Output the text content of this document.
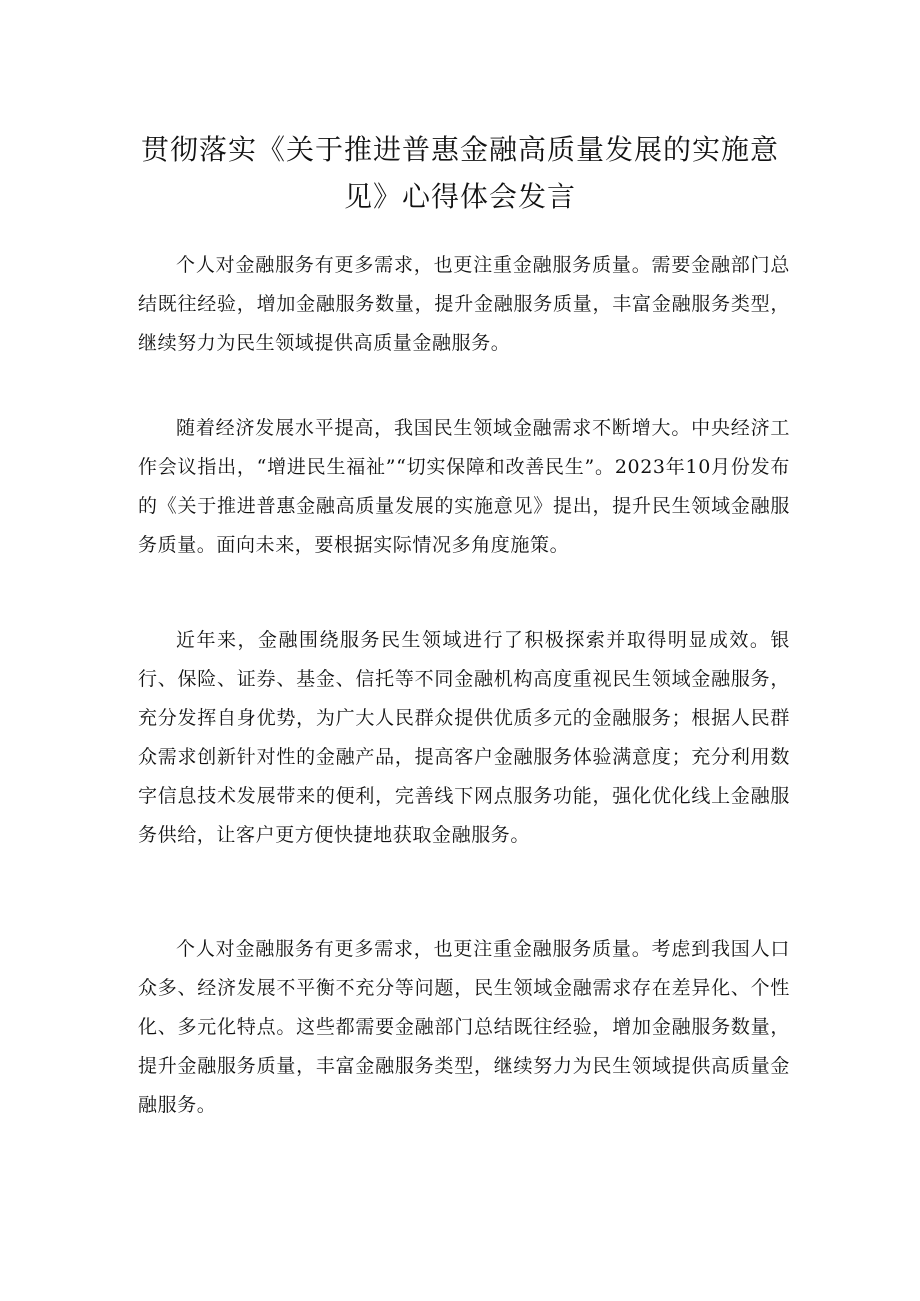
贯彻落实《关于推进普惠金融高质量发展的实施意见》心得体会发言

个人对金融服务有更多需求，也更注重金融服务质量。需要金融部门总结既往经验，增加金融服务数量，提升金融服务质量，丰富金融服务类型，继续努力为民生领域提供高质量金融服务。

随着经济发展水平提高，我国民生领域金融需求不断增大。中央经济工作会议指出，“增进民生福祉”“切实保障和改善民生”。2023年10月份发布的《关于推进普惠金融高质量发展的实施意见》提出，提升民生领域金融服务质量。面向未来，要根据实际情况多角度施策。

近年来，金融围绕服务民生领域进行了积极探索并取得明显成效。银行、保险、证券、基金、信托等不同金融机构高度重视民生领域金融服务，充分发挥自身优势，为广大人民群众提供优质多元的金融服务；根据人民群众需求创新针对性的金融产品，提高客户金融服务体验满意度；充分利用数字信息技术发展带来的便利，完善线下网点服务功能，强化优化线上金融服务供给，让客户更方便快捷地获取金融服务。

个人对金融服务有更多需求，也更注重金融服务质量。考虑到我国人口众多、经济发展不平衡不充分等问题，民生领域金融需求存在差异化、个性化、多元化特点。这些都需要金融部门总结既往经验，增加金融服务数量，提升金融服务质量，丰富金融服务类型，继续努力为民生领域提供高质量金融服务。
